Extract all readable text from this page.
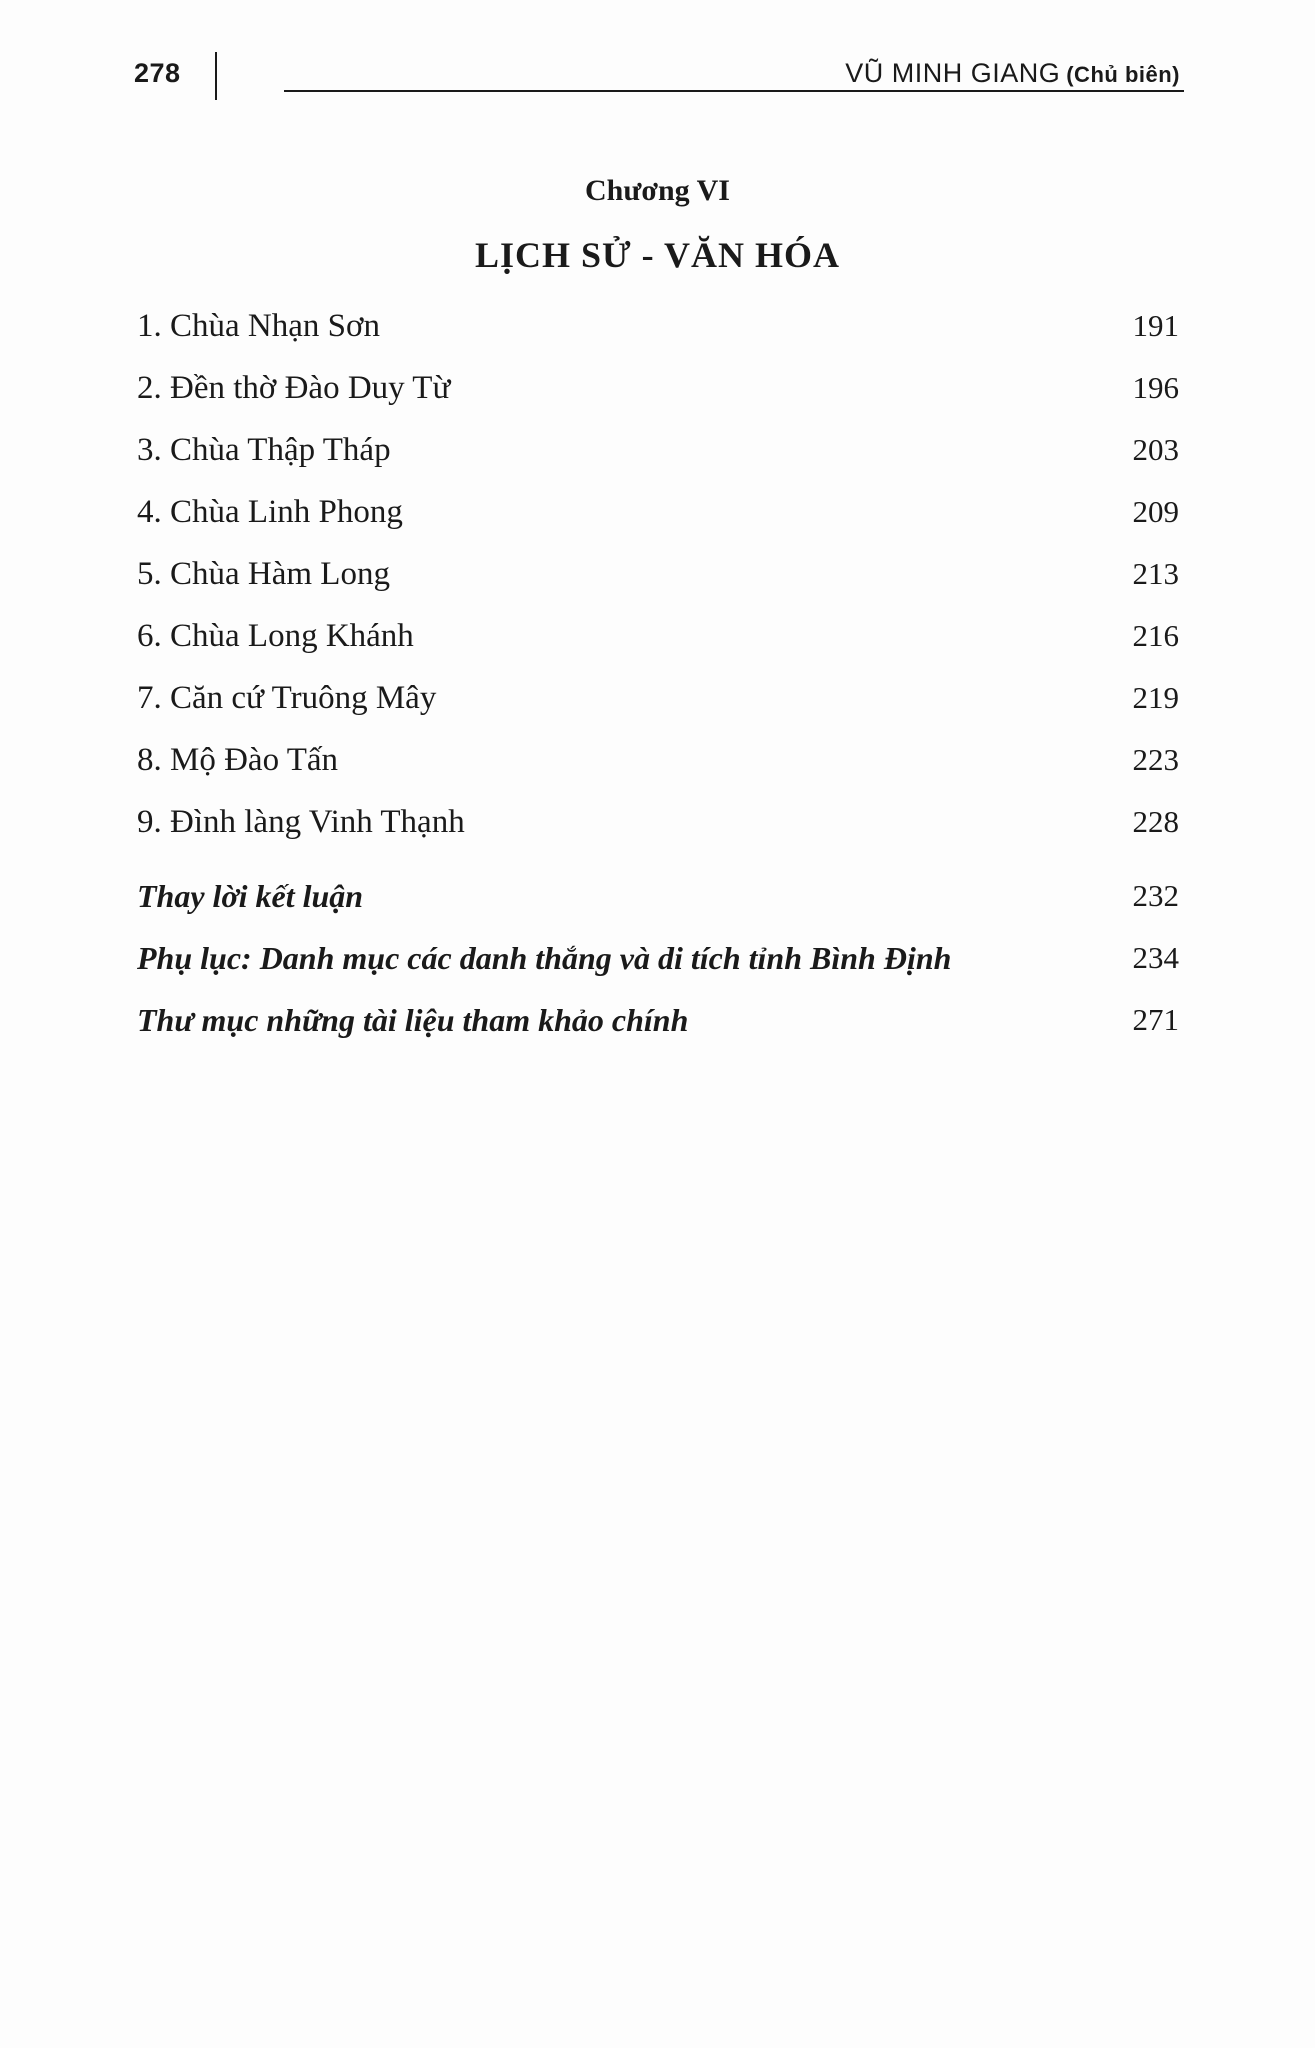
278	VŨ MINH GIANG (Chủ biên)
Chương VI
LỊCH SỬ - VĂN HÓA
1. Chùa Nhạn Sơn	191
2. Đền thờ Đào Duy Từ	196
3. Chùa Thập Tháp	203
4. Chùa Linh Phong	209
5. Chùa Hàm Long	213
6. Chùa Long Khánh	216
7. Căn cứ Truông Mây	219
8. Mộ Đào Tấn	223
9. Đình làng Vinh Thạnh	228
Thay lời kết luận	232
Phụ lục: Danh mục các danh thắng và di tích tỉnh Bình Định	234
Thư mục những tài liệu tham khảo chính	271
